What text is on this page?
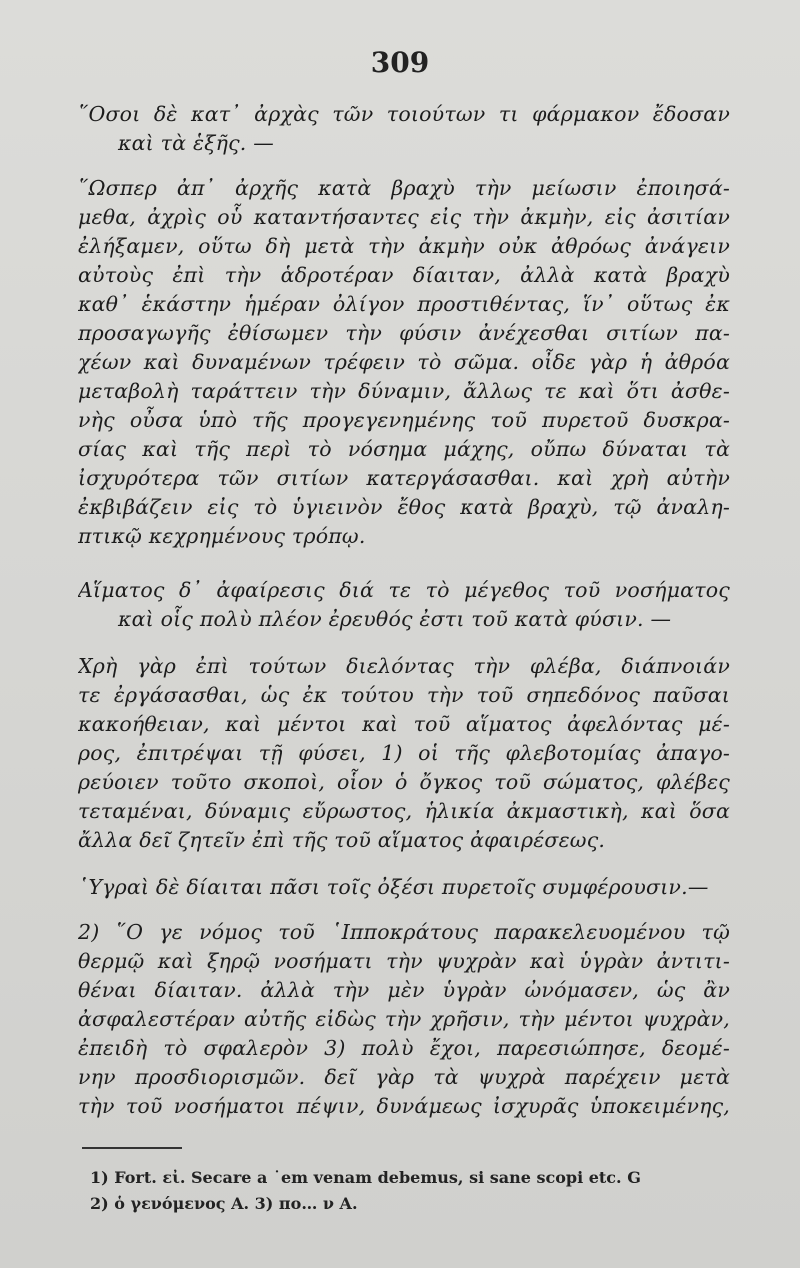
309
῞Οσοι δὲ κατ᾽ ἀρχὰς τῶν τοιούτων τι φάρμακον ἔδοσαν
καὶ τὰ ἑξῆς. —
῞Ωσπερ ἀπ᾽ ἀρχῆς κατὰ βραχὺ τὴν μείωσιν ἐποιησά-
μεθα, ἀχρὶς οὗ καταντήσαντες εἰς τὴν ἀκμὴν, εἰς ἀσιτίαν
ἐλήξαμεν, οὕτω δὴ μετὰ τὴν ἀκμὴν οὐκ ἀθρόως ἀνάγειν
αὐτοὺς ἐπὶ τὴν ἁδροτέραν δίαιταν, ἀλλὰ κατὰ βραχὺ
καθ᾽ ἑκάστην ἡμέραν ὀλίγον προστιθέντας, ἵν᾽ οὕτως ἐκ
προσαγωγῆς ἐθίσωμεν τὴν φύσιν ἀνέχεσθαι σιτίων πα-
χέων καὶ δυναμένων τρέφειν τὸ σῶμα. οἶδε γὰρ ἡ ἀθρόα
μεταβολὴ ταράττειν τὴν δύναμιν, ἄλλως τε καὶ ὅτι ἀσθε-
νὴς οὖσα ὑπὸ τῆς προγεγενημένης τοῦ πυρετοῦ δυσκρα-
σίας καὶ τῆς περὶ τὸ νόσημα μάχης, οὔπω δύναται τὰ
ἰσχυρότερα τῶν σιτίων κατεργάσασθαι. καὶ χρὴ αὐτὴν
ἐκβιβάζειν εἰς τὸ ὑγιεινὸν ἔθος κατὰ βραχὺ, τῷ ἀναλη-
πτικῷ κεχρημένους τρόπῳ.
Αἵματος δ᾽ ἀφαίρεσις διά τε τὸ μέγεθος τοῦ νοσήματος
καὶ οἷς πολὺ πλέον ἐρευθός ἐστι τοῦ κατὰ φύσιν. —
Χρὴ γὰρ ἐπὶ τούτων διελόντας τὴν φλέβα, διάπνοιάν
τε ἐργάσασθαι, ὡς ἐκ τούτου τὴν τοῦ σηπεδόνος παῦσαι
κακοήθειαν, καὶ μέντοι καὶ τοῦ αἵματος ἀφελόντας μέ-
ρος, ἐπιτρέψαι τῇ φύσει, 1) οἱ τῆς φλεβοτομίας ἀπαγο-
ρεύοιεν τοῦτο σκοποὶ, οἷον ὁ ὄγκος τοῦ σώματος, φλέβες
τεταμέναι, δύναμις εὔρωστος, ἡλικία ἀκμαστικὴ, καὶ ὅσα
ἄλλα δεῖ ζητεῖν ἐπὶ τῆς τοῦ αἵματος ἀφαιρέσεως.
῾Υγραὶ δὲ δίαιται πᾶσι τοῖς ὀξέσι πυρετοῖς συμφέρουσιν.—
2) ῞Ο γε νόμος τοῦ ῾Ιπποκράτους παρακελευομένου τῷ
θερμῷ καὶ ξηρῷ νοσήματι τὴν ψυχρὰν καὶ ὑγρὰν ἀντιτι-
θέναι δίαιταν. ἀλλὰ τὴν μὲν ὑγρὰν ὠνόμασεν, ὡς ἂν
ἀσφαλεστέραν αὐτῆς εἰδὼς τὴν χρῆσιν, τὴν μέντοι ψυχρὰν,
ἐπειδὴ τὸ σφαλερὸν 3) πολὺ ἔχοι, παρεσιώπησε, δεομέ-
νην προσδιορισμῶν. δεῖ γὰρ τὰ ψυχρὰ παρέχειν μετὰ
τὴν τοῦ νοσήματοι πέψιν, δυνάμεως ἰσχυρᾶς ὑποκειμένης,
1) Fort. εἰ. Secare a ˙em venam debemus, si sane scopi etc. G
2) ὁ γενόμενος A. 3) πο… ν A.
